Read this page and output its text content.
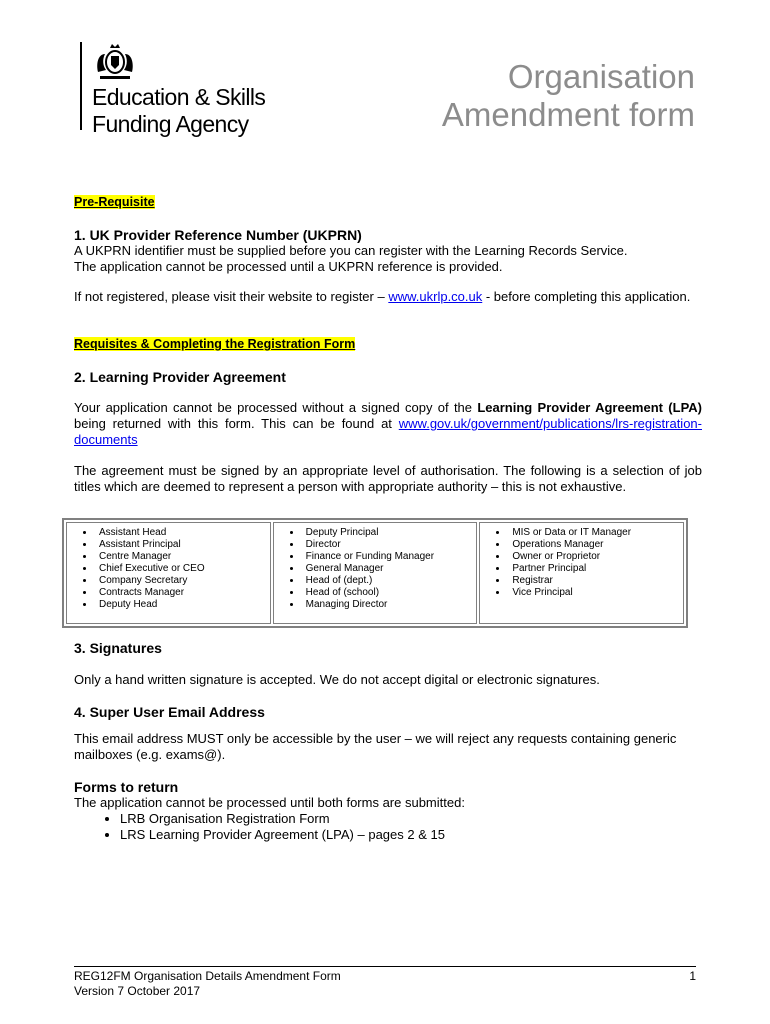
Education & Skills
Funding Agency
Organisation
Amendment form
Pre-Requisite
1. UK Provider Reference Number (UKPRN)
A UKPRN identifier must be supplied before you can register with the Learning Records Service.
The application cannot be processed until a UKPRN reference is provided.
If not registered, please visit their website to register – www.ukrlp.co.uk - before completing this application.
Requisites & Completing the Registration Form
2. Learning Provider Agreement
Your application cannot be processed without a signed copy of the Learning Provider Agreement (LPA) being returned with this form. This can be found at www.gov.uk/government/publications/lrs-registration-documents
The agreement must be signed by an appropriate level of authorisation. The following is a selection of job titles which are deemed to represent a person with appropriate authority – this is not exhaustive.
• Assistant Head
• Assistant Principal
• Centre Manager
• Chief Executive or CEO
• Company Secretary
• Contracts Manager
• Deputy Head

• Deputy Principal
• Director
• Finance or Funding Manager
• General Manager
• Head of (dept.)
• Head of (school)
• Managing Director

• MIS or Data or IT Manager
• Operations Manager
• Owner or Proprietor
• Partner Principal
• Registrar
• Vice Principal
3. Signatures
Only a hand written signature is accepted. We do not accept digital or electronic signatures.
4. Super User Email Address
This email address MUST only be accessible by the user – we will reject any requests containing generic mailboxes (e.g. exams@).
Forms to return
The application cannot be processed until both forms are submitted:
• LRB Organisation Registration Form
• LRS Learning Provider Agreement (LPA) – pages 2 & 15
REG12FM Organisation Details Amendment Form
Version 7 October 2017
1
